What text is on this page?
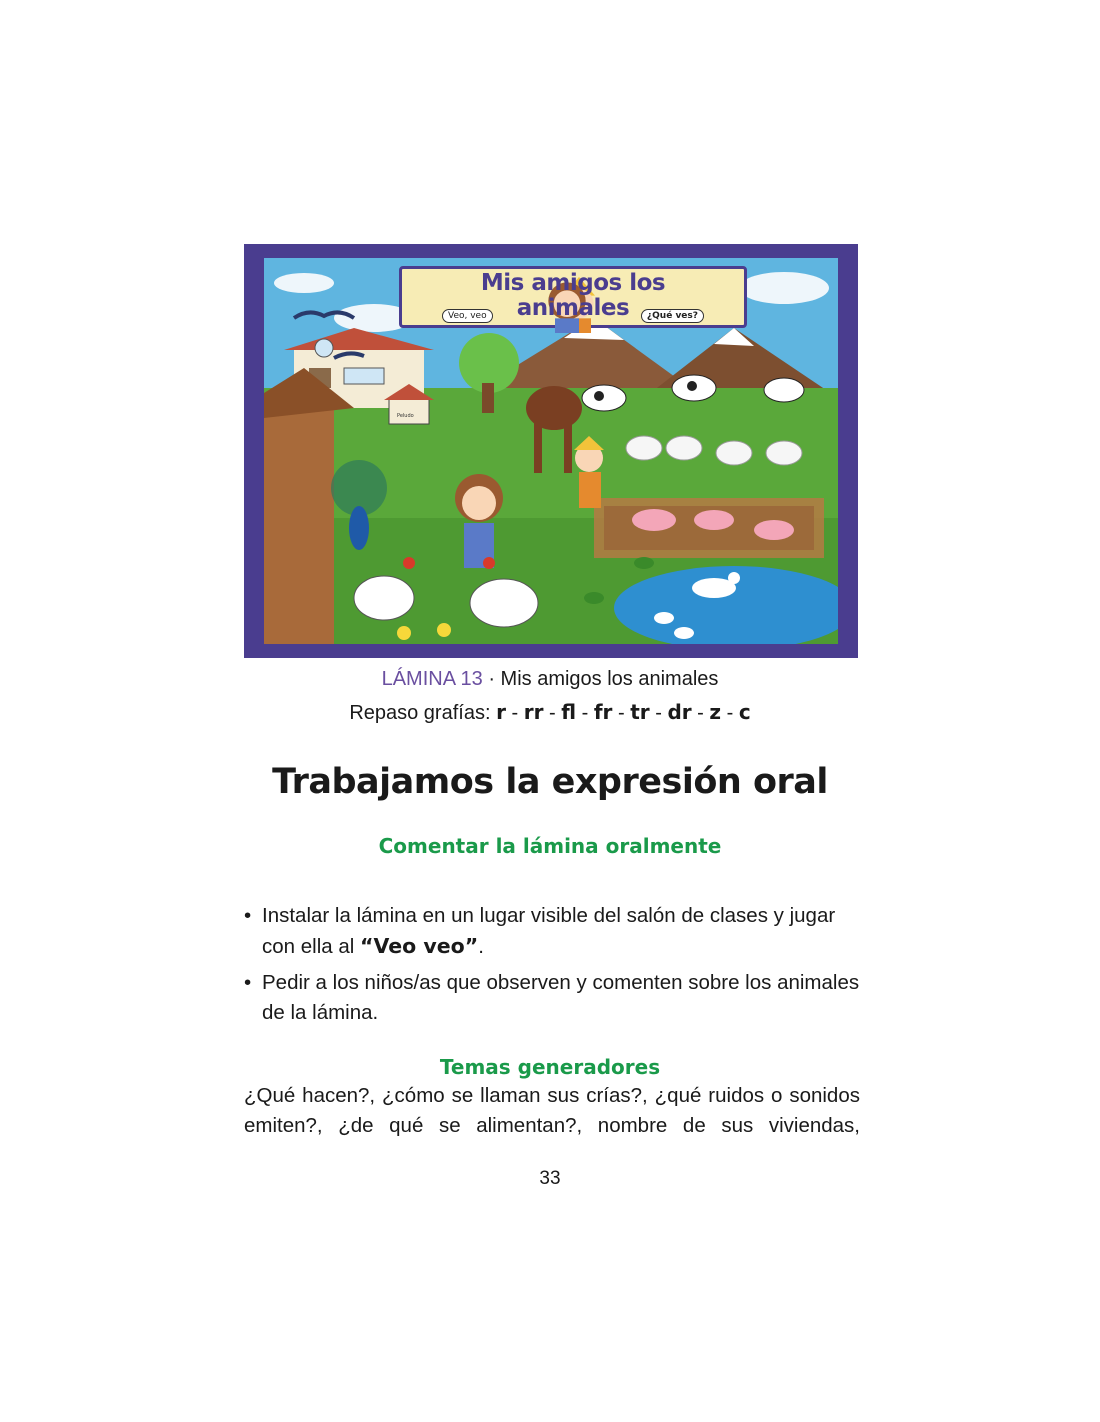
Mis amigos los animales
Veo, veo	¿Qué ves?
Peludo
LÁMINA 13 · Mis amigos los animales
Repaso grafías: r - rr - fl - fr - tr - dr - z - c
Trabajamos la expresión oral
Comentar la lámina oralmente
• Instalar la lámina en un lugar visible del salón de clases y jugar con ella al “Veo veo”.
• Pedir a los niños/as que observen y comenten sobre los animales de la lámina.
Temas generadores
¿Qué hacen?, ¿cómo se llaman sus crías?, ¿qué ruidos o sonidos emiten?, ¿de qué se alimentan?, nombre de sus viviendas,
33
